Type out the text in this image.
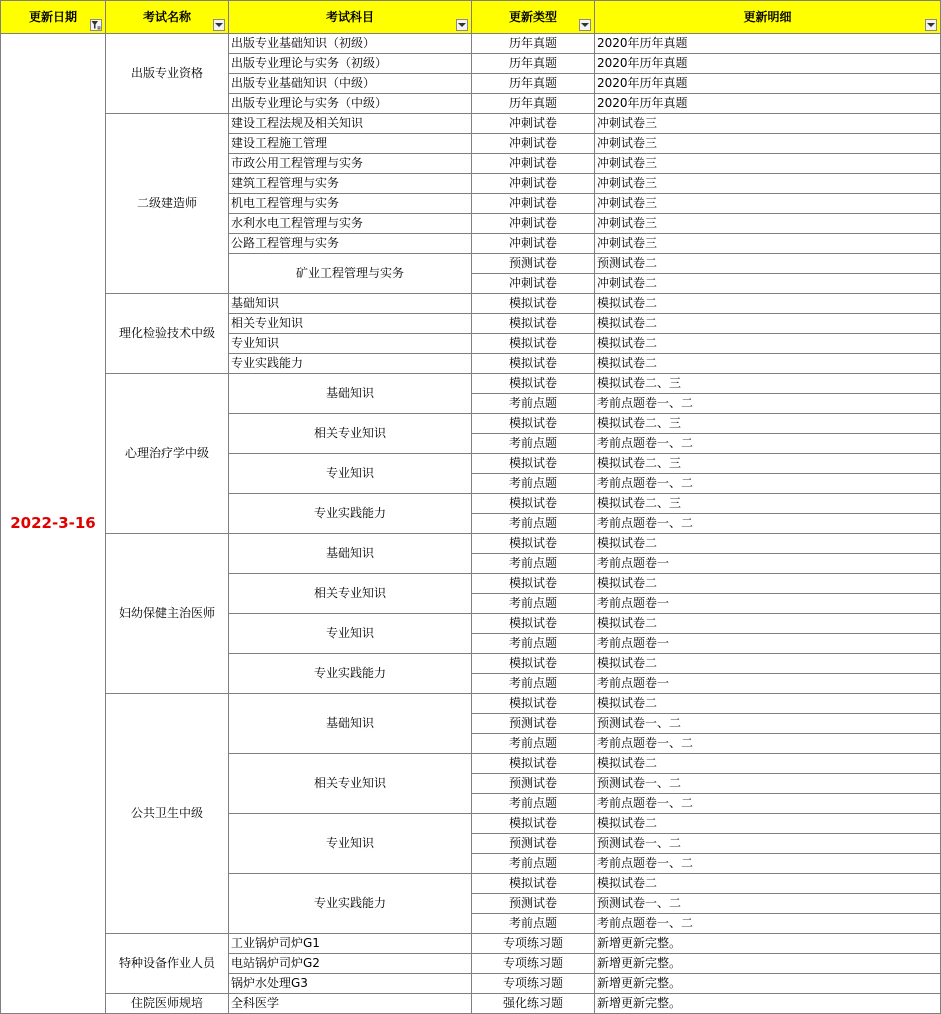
更新日期	考试名称	考试科目	更新类型	更新明细

2022-3-16	出版专业资格	出版专业基础知识（初级）	历年真题	2020年历年真题
		出版专业理论与实务（初级）	历年真题	2020年历年真题
		出版专业基础知识（中级）	历年真题	2020年历年真题
		出版专业理论与实务（中级）	历年真题	2020年历年真题
	二级建造师	建设工程法规及相关知识	冲刺试卷	冲刺试卷三
		建设工程施工管理	冲刺试卷	冲刺试卷三
		市政公用工程管理与实务	冲刺试卷	冲刺试卷三
		建筑工程管理与实务	冲刺试卷	冲刺试卷三
		机电工程管理与实务	冲刺试卷	冲刺试卷三
		水利水电工程管理与实务	冲刺试卷	冲刺试卷三
		公路工程管理与实务	冲刺试卷	冲刺试卷三
		矿业工程管理与实务	预测试卷	预测试卷二
			冲刺试卷	冲刺试卷二
	理化检验技术中级	基础知识	模拟试卷	模拟试卷二
		相关专业知识	模拟试卷	模拟试卷二
		专业知识	模拟试卷	模拟试卷二
		专业实践能力	模拟试卷	模拟试卷二
	心理治疗学中级	基础知识	模拟试卷	模拟试卷二、三
			考前点题	考前点题卷一、二
		相关专业知识	模拟试卷	模拟试卷二、三
			考前点题	考前点题卷一、二
		专业知识	模拟试卷	模拟试卷二、三
			考前点题	考前点题卷一、二
		专业实践能力	模拟试卷	模拟试卷二、三
			考前点题	考前点题卷一、二
	妇幼保健主治医师	基础知识	模拟试卷	模拟试卷二
			考前点题	考前点题卷一
		相关专业知识	模拟试卷	模拟试卷二
			考前点题	考前点题卷一
		专业知识	模拟试卷	模拟试卷二
			考前点题	考前点题卷一
		专业实践能力	模拟试卷	模拟试卷二
			考前点题	考前点题卷一
	公共卫生中级	基础知识	模拟试卷	模拟试卷二
			预测试卷	预测试卷一、二
			考前点题	考前点题卷一、二
		相关专业知识	模拟试卷	模拟试卷二
			预测试卷	预测试卷一、二
			考前点题	考前点题卷一、二
		专业知识	模拟试卷	模拟试卷二
			预测试卷	预测试卷一、二
			考前点题	考前点题卷一、二
		专业实践能力	模拟试卷	模拟试卷二
			预测试卷	预测试卷一、二
			考前点题	考前点题卷一、二
	特种设备作业人员	工业锅炉司炉G1	专项练习题	新增更新完整。
		电站锅炉司炉G2	专项练习题	新增更新完整。
		锅炉水处理G3	专项练习题	新增更新完整。
	住院医师规培	全科医学	强化练习题	新增更新完整。
